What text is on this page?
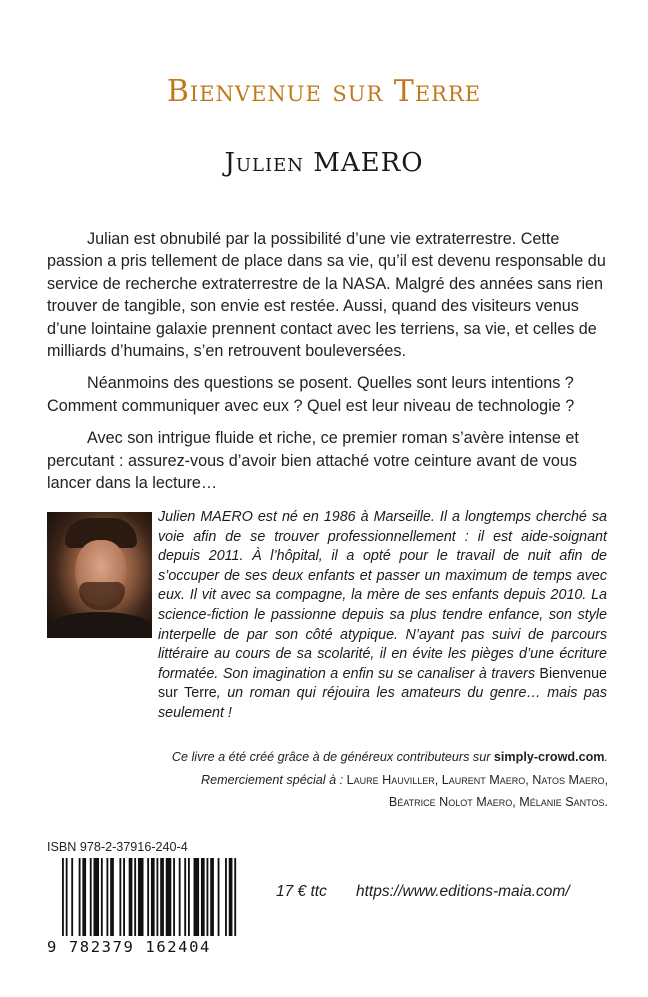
Bienvenue sur Terre
Julien MAERO

Julian est obnubilé par la possibilité d’une vie extraterrestre. Cette passion a pris tellement de place dans sa vie, qu’il est devenu responsable du service de recherche extraterrestre de la NASA. Malgré des années sans rien trouver de tangible, son envie est restée. Aussi, quand des visiteurs venus d’une lointaine galaxie prennent contact avec les terriens, sa vie, et celles de milliards d’humains, s’en retrouvent bouleversées.

Néanmoins des questions se posent. Quelles sont leurs intentions ? Comment communiquer avec eux ? Quel est leur niveau de technologie ?

Avec son intrigue fluide et riche, ce premier roman s’avère intense et percutant : assurez-vous d’avoir bien attaché votre ceinture avant de vous lancer dans la lecture…

Julien MAERO est né en 1986 à Marseille. Il a longtemps cherché sa voie afin de se trouver professionnellement : il est aide-soignant depuis 2011. À l’hôpital, il a opté pour le travail de nuit afin de s’occuper de ses deux enfants et passer un maximum de temps avec eux. Il vit avec sa compagne, la mère de ses enfants depuis 2010. La science-fiction le passionne depuis sa plus tendre enfance, son style interpelle de par son côté atypique. N’ayant pas suivi de parcours littéraire au cours de sa scolarité, il en évite les pièges d’une écriture formatée. Son imagination a enfin su se canaliser à travers Bienvenue sur Terre, un roman qui réjouira les amateurs du genre… mais pas seulement !
Ce livre a été créé grâce à de généreux contributeurs sur simply-crowd.com.
Remerciement spécial à : Laure Hauviller, Laurent Maero, Natos Maero,
Béatrice Nolot Maero, Mélanie Santos.
ISBN 978-2-37916-240-4
9 782379 162404
17 € ttc https://www.editions-maia.com/
